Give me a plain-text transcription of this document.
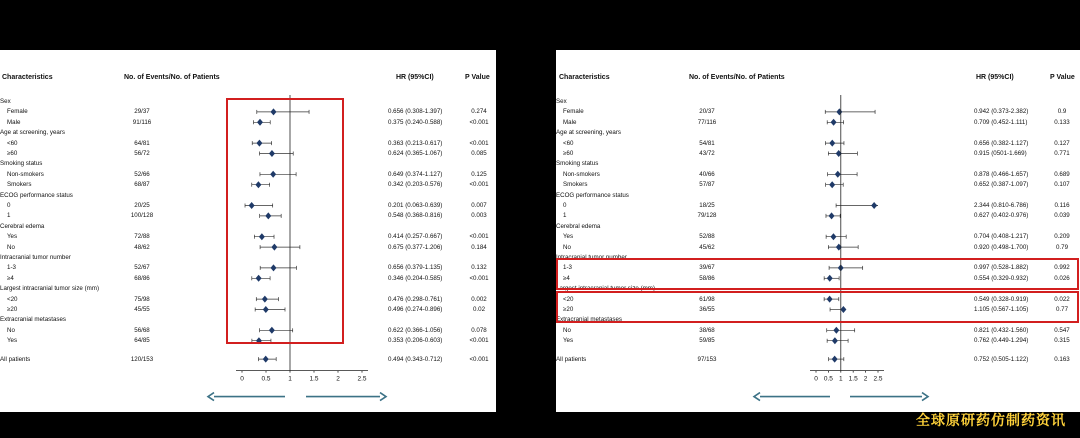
Characteristics	No. of Events/No. of Patients	HR (95%CI)	P Value
Sex
Female	29/37	0.656 (0.308-1.397)	0.274
Male	91/116	0.375 (0.240-0.588)	<0.001
Age at screening, years
<60	64/81	0.363 (0.213-0.617)	<0.001
≥60	56/72	0.624 (0.365-1.067)	0.085
Smoking status
Non-smokers	52/66	0.649 (0.374-1.127)	0.125
Smokers	68/87	0.342 (0.203-0.576)	<0.001
ECOG performance status
0	20/25	0.201 (0.063-0.639)	0.007
1	100/128	0.548 (0.368-0.816)	0.003
Cerebral edema
Yes	72/88	0.414 (0.257-0.667)	<0.001
No	48/62	0.675 (0.377-1.206)	0.184
Intracranial tumor number
1-3	52/67	0.656 (0.379-1.135)	0.132
≥4	68/86	0.346 (0.204-0.585)	<0.001
Largest intracranial tumor size (mm)
<20	75/98	0.476 (0.298-0.761)	0.002
≥20	45/55	0.496 (0.274-0.896)	0.02
Extracranial metastases
No	56/68	0.622 (0.366-1.056)	0.078
Yes	64/85	0.353 (0.206-0.603)	<0.001
All patients	120/153	0.494 (0.343-0.712)	<0.001
0	0.5	1	1.5	2	2.5
Characteristics	No. of Events/No. of Patients	HR (95%CI)	P Value
Sex
Female	20/37	0.942 (0.373-2.382)	0.9
Male	77/116	0.709 (0.452-1.111)	0.133
Age at screening, years
<60	54/81	0.656 (0.382-1.127)	0.127
≥60	43/72	0.915 (0501-1.669)	0.771
Smoking status
Non-smokers	40/66	0.878 (0.466-1.657)	0.689
Smokers	57/87	0.652 (0.387-1.097)	0.107
ECOG performance status
0	18/25	2.344 (0.810-6.786)	0.116
1	79/128	0.627 (0.402-0.976)	0.039
Cerebral edema
Yes	52/88	0.704 (0.408-1.217)	0.209
No	45/62	0.920 (0.498-1.700)	0.79
Intracranial tumor number
1-3	39/67	0.997 (0.528-1.882)	0.992
≥4	58/86	0.554 (0.329-0.932)	0.026
Largest intracranial tumor size (mm)
<20	61/98	0.549 (0.328-0.919)	0.022
≥20	36/55	1.105 (0.567-1.105)	0.77
Extracranial metastases
No	38/68	0.821 (0.432-1.560)	0.547
Yes	59/85	0.762 (0.449-1.294)	0.315
All patients	97/153	0.752 (0.505-1.122)	0.163
0 0.5 1 1.5 2 2.5
全球原研药仿制药资讯
